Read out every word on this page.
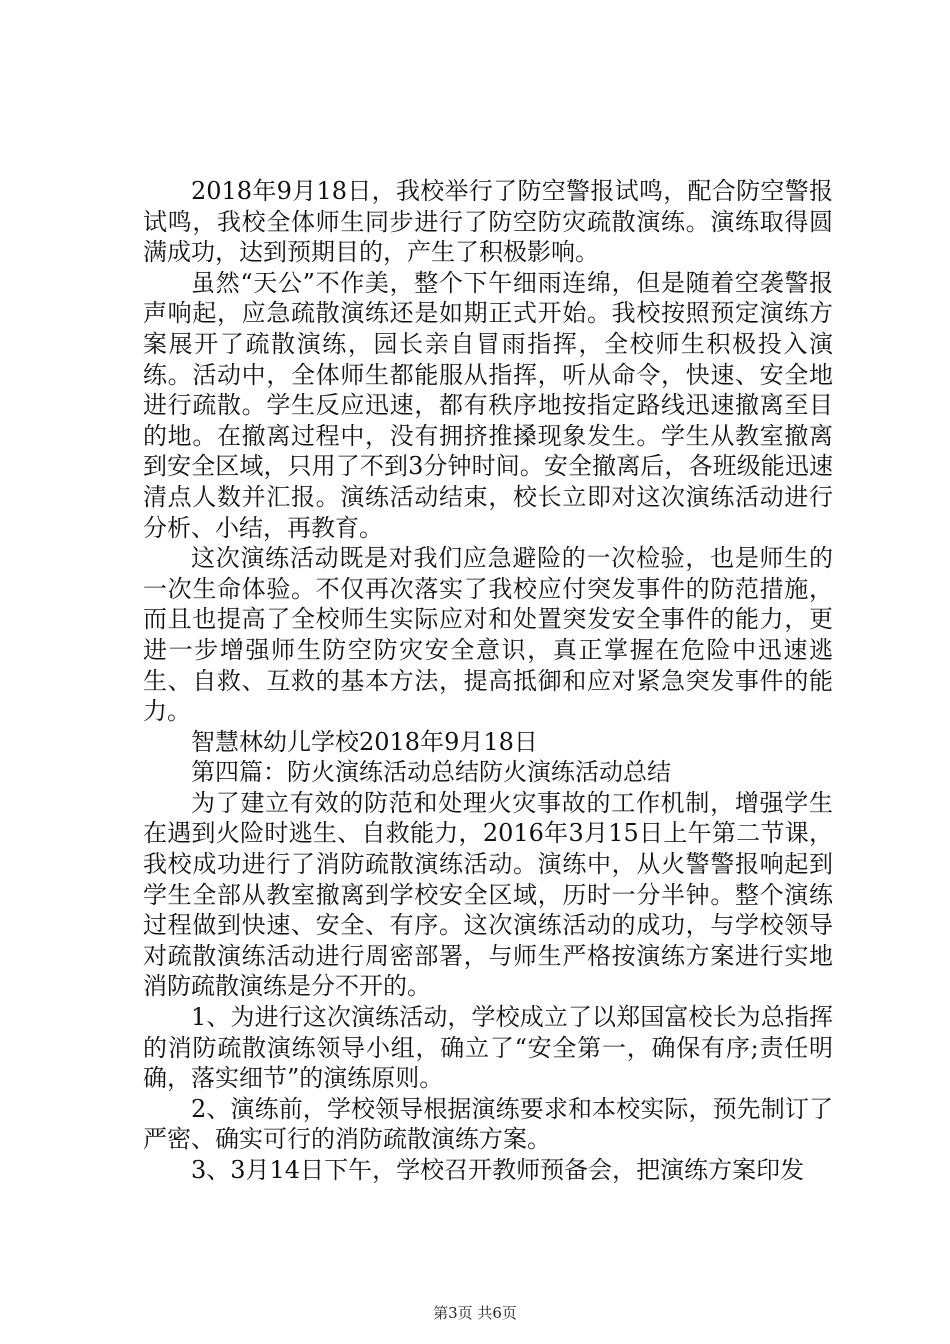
2018年9月18日，我校举行了防空警报试鸣，配合防空警报试鸣，我校全体师生同步进行了防空防灾疏散演练。演练取得圆满成功，达到预期目的，产生了积极影响。

虽然“天公”不作美，整个下午细雨连绵，但是随着空袭警报声响起，应急疏散演练还是如期正式开始。我校按照预定演练方案展开了疏散演练，园长亲自冒雨指挥，全校师生积极投入演练。活动中，全体师生都能服从指挥，听从命令，快速、安全地进行疏散。学生反应迅速，都有秩序地按指定路线迅速撤离至目的地。在撤离过程中，没有拥挤推搡现象发生。学生从教室撤离到安全区域，只用了不到3分钟时间。安全撤离后，各班级能迅速清点人数并汇报。演练活动结束，校长立即对这次演练活动进行分析、小结，再教育。

这次演练活动既是对我们应急避险的一次检验，也是师生的一次生命体验。不仅再次落实了我校应付突发事件的防范措施，而且也提高了全校师生实际应对和处置突发安全事件的能力，更进一步增强师生防空防灾安全意识，真正掌握在危险中迅速逃生、自救、互救的基本方法，提高抵御和应对紧急突发事件的能力。

智慧林幼儿学校2018年9月18日

第四篇：防火演练活动总结防火演练活动总结

为了建立有效的防范和处理火灾事故的工作机制，增强学生在遇到火险时逃生、自救能力，2016年3月15日上午第二节课，我校成功进行了消防疏散演练活动。演练中，从火警警报响起到学生全部从教室撤离到学校安全区域，历时一分半钟。整个演练过程做到快速、安全、有序。这次演练活动的成功，与学校领导对疏散演练活动进行周密部署，与师生严格按演练方案进行实地消防疏散演练是分不开的。

1、为进行这次演练活动，学校成立了以郑国富校长为总指挥的消防疏散演练领导小组，确立了“安全第一，确保有序;责任明确，落实细节”的演练原则。

2、演练前，学校领导根据演练要求和本校实际，预先制订了严密、确实可行的消防疏散演练方案。

3、3月14日下午，学校召开教师预备会，把演练方案印发

第3页 共6页
